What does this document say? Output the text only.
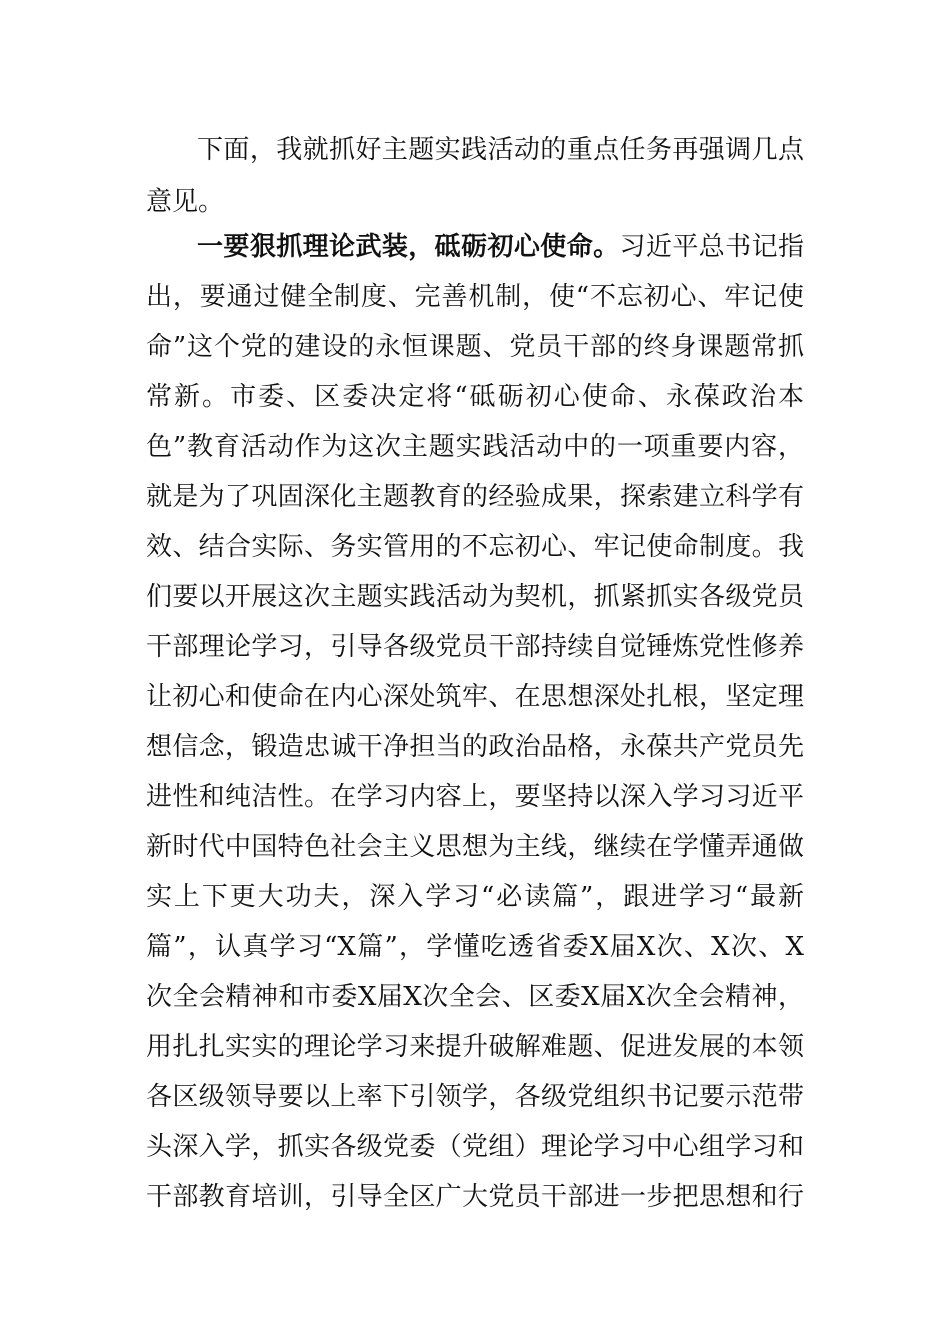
下面，我就抓好主题实践活动的重点任务再强调几点

意见。

一要狠抓理论武装，砥砺初心使命。习近平总书记指

出，要通过健全制度、完善机制，使“不忘初心、牢记使
命”这个党的建设的永恒课题、党员干部的终身课题常抓
常新。市委、区委决定将“砥砺初心使命、永葆政治本
色”教育活动作为这次主题实践活动中的一项重要内容，
就是为了巩固深化主题教育的经验成果，探索建立科学有
效、结合实际、务实管用的不忘初心、牢记使命制度。我
们要以开展这次主题实践活动为契机，抓紧抓实各级党员
干部理论学习，引导各级党员干部持续自觉锤炼党性修养
让初心和使命在内心深处筑牢、在思想深处扎根，坚定理
想信念，锻造忠诚干净担当的政治品格，永葆共产党员先
进性和纯洁性。在学习内容上，要坚持以深入学习习近平
新时代中国特色社会主义思想为主线，继续在学懂弄通做
实上下更大功夫，深入学习“必读篇”，跟进学习“最新
篇”，认真学习“X篇”，学懂吃透省委X届X次、X次、X
次全会精神和市委X届X次全会、区委X届X次全会精神，
用扎扎实实的理论学习来提升破解难题、促进发展的本领
各区级领导要以上率下引领学，各级党组织书记要示范带
头深入学，抓实各级党委（党组）理论学习中心组学习和
干部教育培训，引导全区广大党员干部进一步把思想和行
